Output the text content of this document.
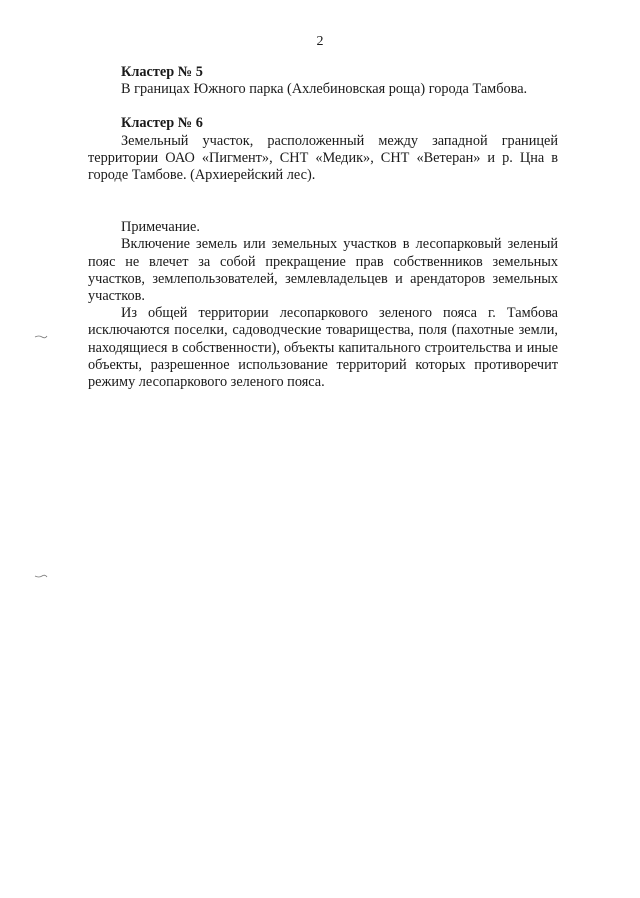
2
Кластер № 5
В границах Южного парка (Ахлебиновская роща) города Тамбова.
Кластер № 6
Земельный участок, расположенный между западной границей территории ОАО «Пигмент», СНТ «Медик», СНТ «Ветеран» и р. Цна в городе Тамбове. (Архиерейский лес).
Примечание.
Включение земель или земельных участков в лесопарковый зеленый пояс не влечет за собой прекращение прав собственников земельных участков, землепользователей, землевладельцев и арендаторов земельных участков.
Из общей территории лесопаркового зеленого пояса г. Тамбова исключаются поселки, садоводческие товарищества, поля (пахотные земли, находящиеся в собственности), объекты капитального строительства и иные объекты, разрешенное использование территорий которых противоречит режиму лесопаркового зеленого пояса.
